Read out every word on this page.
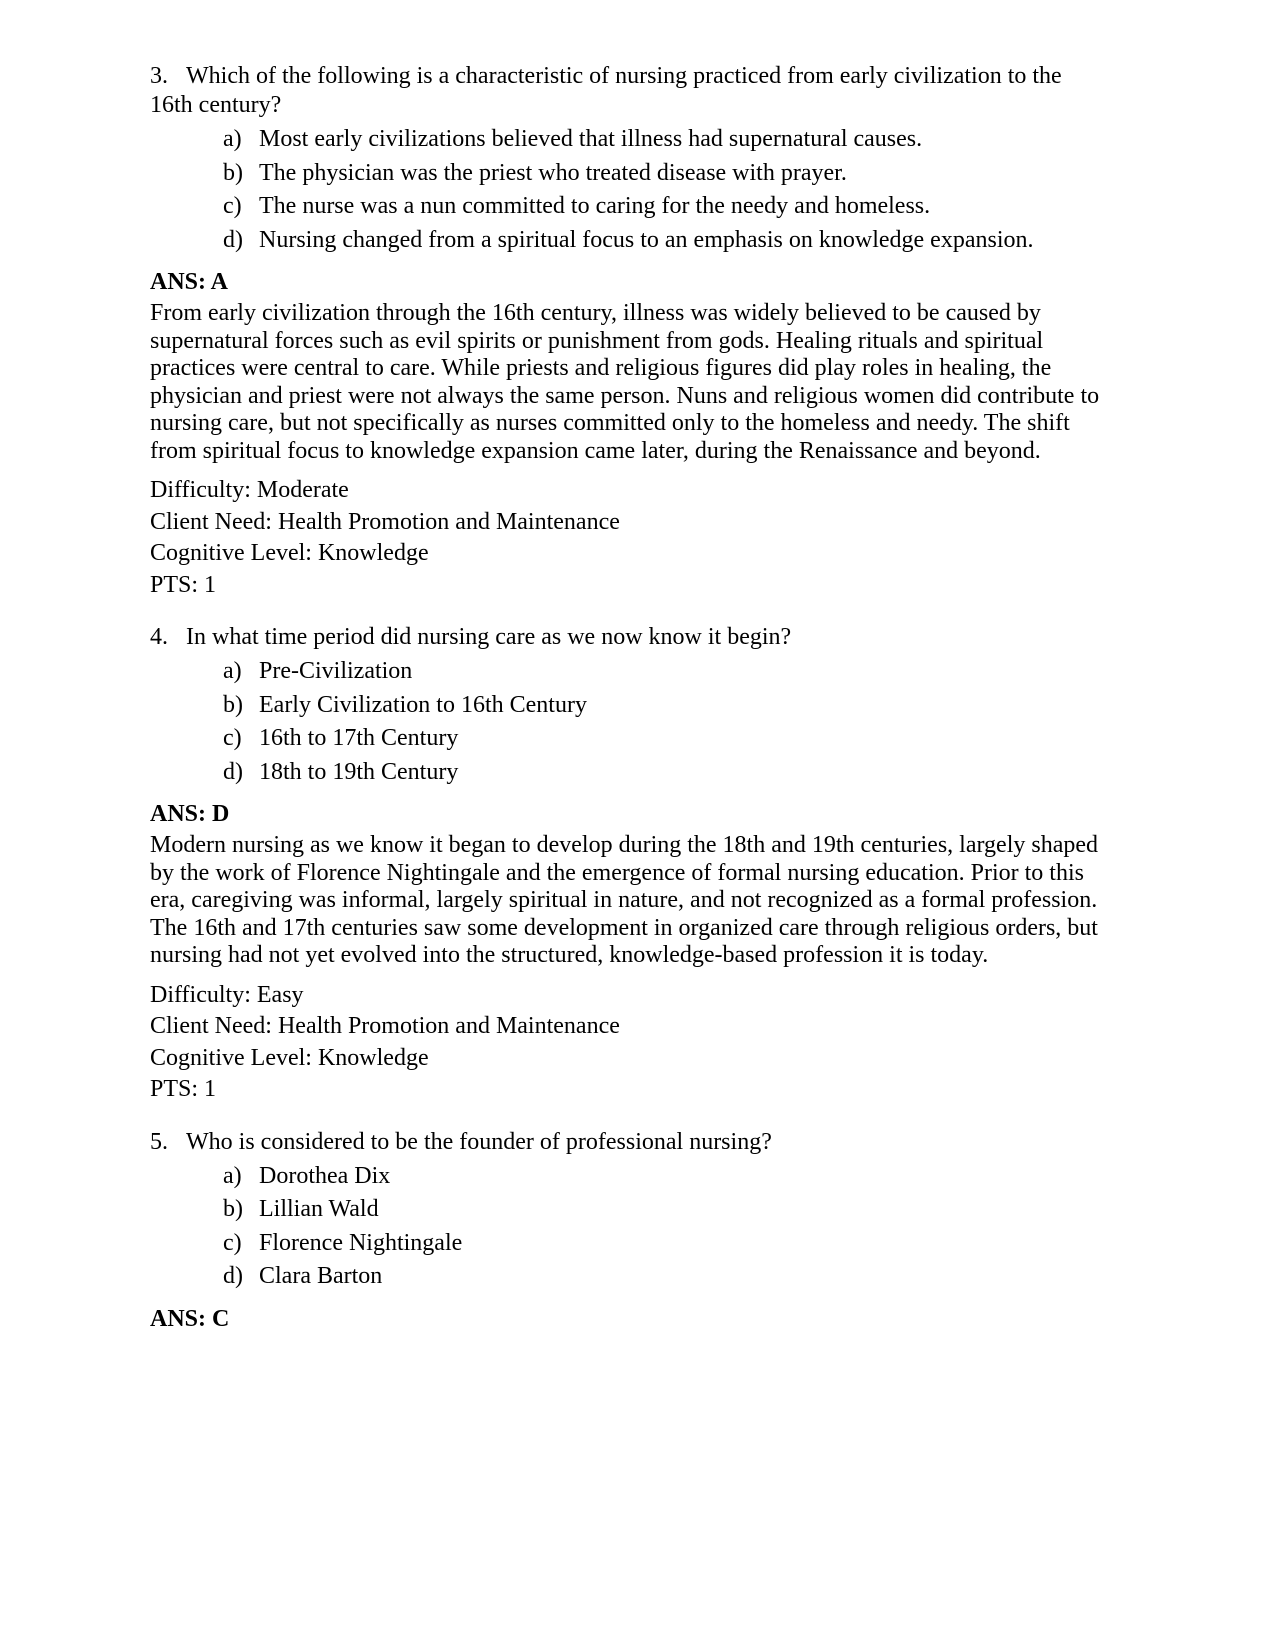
3. Which of the following is a characteristic of nursing practiced from early civilization to the 16th century?

a) Most early civilizations believed that illness had supernatural causes.
b) The physician was the priest who treated disease with prayer.
c) The nurse was a nun committed to caring for the needy and homeless.
d) Nursing changed from a spiritual focus to an emphasis on knowledge expansion.
ANS: A

From early civilization through the 16th century, illness was widely believed to be caused by supernatural forces such as evil spirits or punishment from gods. Healing rituals and spiritual practices were central to care. While priests and religious figures did play roles in healing, the physician and priest were not always the same person. Nuns and religious women did contribute to nursing care, but not specifically as nurses committed only to the homeless and needy. The shift from spiritual focus to knowledge expansion came later, during the Renaissance and beyond.

Difficulty: Moderate
Client Need: Health Promotion and Maintenance
Cognitive Level: Knowledge
PTS: 1

4. In what time period did nursing care as we now know it begin?

a) Pre-Civilization
b) Early Civilization to 16th Century
c) 16th to 17th Century
d) 18th to 19th Century
ANS: D

Modern nursing as we know it began to develop during the 18th and 19th centuries, largely shaped by the work of Florence Nightingale and the emergence of formal nursing education. Prior to this era, caregiving was informal, largely spiritual in nature, and not recognized as a formal profession. The 16th and 17th centuries saw some development in organized care through religious orders, but nursing had not yet evolved into the structured, knowledge-based profession it is today.

Difficulty: Easy
Client Need: Health Promotion and Maintenance
Cognitive Level: Knowledge
PTS: 1

5. Who is considered to be the founder of professional nursing?

a) Dorothea Dix
b) Lillian Wald
c) Florence Nightingale
d) Clara Barton
ANS: C
